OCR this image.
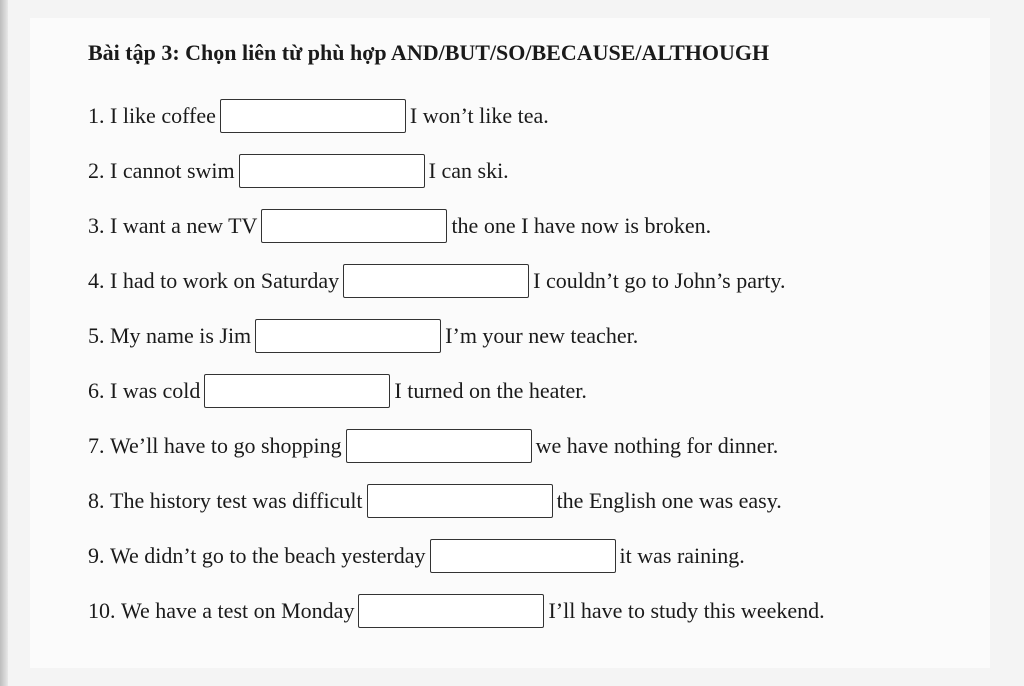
Bài tập 3: Chọn liên từ phù hợp AND/BUT/SO/BECAUSE/ALTHOUGH
1.
I like coffee	I won’t like tea.
2.
I cannot swim	I can ski.
3.
I want a new TV	the one I have now is broken.
4.
I had to work on Saturday	I couldn’t go to John’s party.
5.
My name is Jim	I’m your new teacher.
6.
I was cold	I turned on the heater.
7.
We’ll have to go shopping	we have nothing for dinner.
8.
The history test was difficult	the English one was easy.
9.
We didn’t go to the beach yesterday	it was raining.
10.
We have a test on Monday	I’ll have to study this weekend.
